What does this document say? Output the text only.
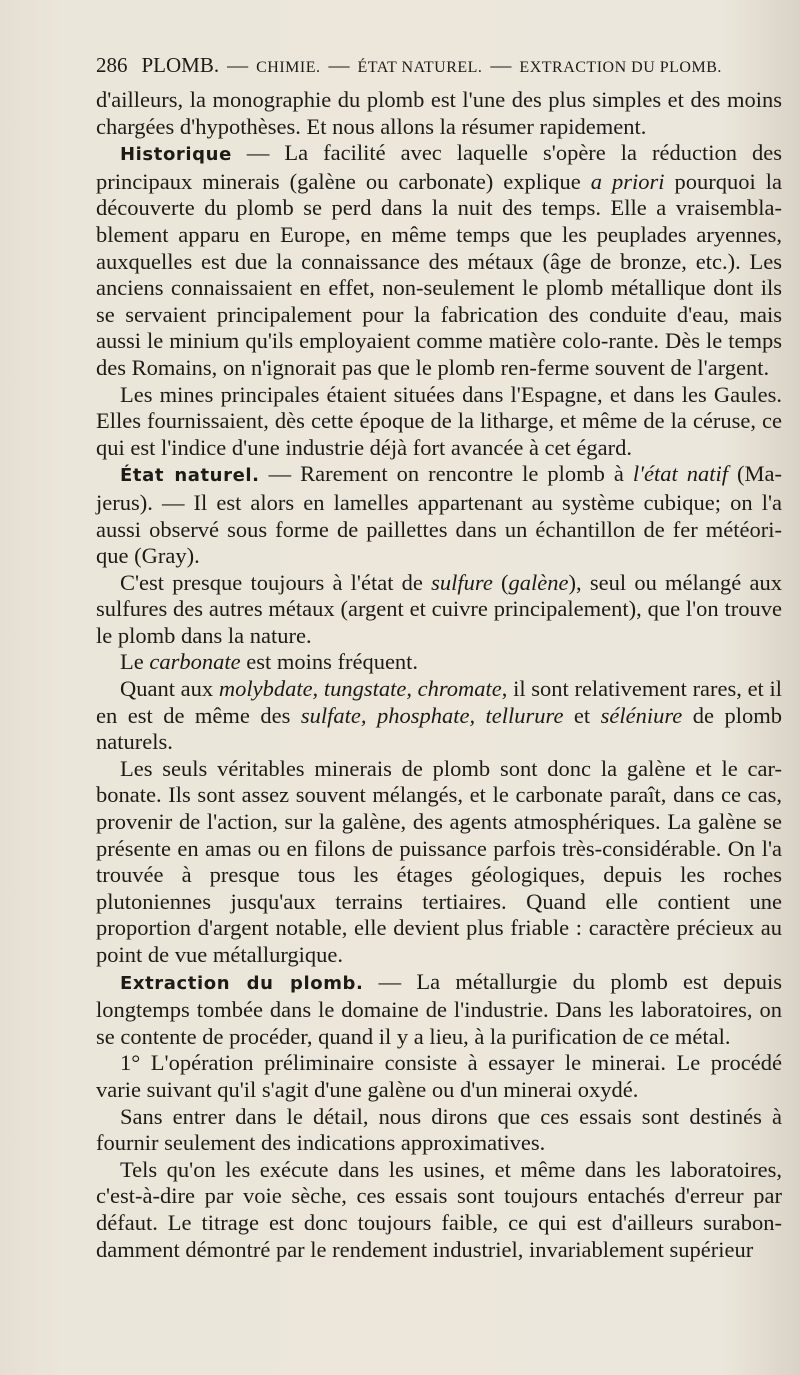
286 PLOMB. — CHIMIE. — ÉTAT NATUREL. — EXTRACTION DU PLOMB.

d'ailleurs, la monographie du plomb est l'une des plus simples et des moins chargées d'hypothèses. Et nous allons la résumer rapidement.

Historique — La facilité avec laquelle s'opère la réduction des principaux minerais (galène ou carbonate) explique a priori pourquoi la découverte du plomb se perd dans la nuit des temps. Elle a vraisembla-blement apparu en Europe, en même temps que les peuplades aryennes, auxquelles est due la connaissance des métaux (âge de bronze, etc.). Les anciens connaissaient en effet, non-seulement le plomb métallique dont ils se servaient principalement pour la fabrication des conduite d'eau, mais aussi le minium qu'ils employaient comme matière colo-rante. Dès le temps des Romains, on n'ignorait pas que le plomb ren-ferme souvent de l'argent.

Les mines principales étaient situées dans l'Espagne, et dans les Gaules. Elles fournissaient, dès cette époque de la litharge, et même de la céruse, ce qui est l'indice d'une industrie déjà fort avancée à cet égard.

État naturel. — Rarement on rencontre le plomb à l'état natif (Ma-jerus). — Il est alors en lamelles appartenant au système cubique; on l'a aussi observé sous forme de paillettes dans un échantillon de fer météori-que (Gray).

C'est presque toujours à l'état de sulfure (galène), seul ou mélangé aux sulfures des autres métaux (argent et cuivre principalement), que l'on trouve le plomb dans la nature.

Le carbonate est moins fréquent.

Quant aux molybdate, tungstate, chromate, il sont relativement rares, et il en est de même des sulfate, phosphate, tellurure et séléniure de plomb naturels.

Les seuls véritables minerais de plomb sont donc la galène et le car-bonate. Ils sont assez souvent mélangés, et le carbonate paraît, dans ce cas, provenir de l'action, sur la galène, des agents atmosphériques. La galène se présente en amas ou en filons de puissance parfois très-considérable. On l'a trouvée à presque tous les étages géologiques, depuis les roches plutoniennes jusqu'aux terrains tertiaires. Quand elle contient une proportion d'argent notable, elle devient plus friable : caractère précieux au point de vue métallurgique.

Extraction du plomb. — La métallurgie du plomb est depuis longtemps tombée dans le domaine de l'industrie. Dans les laboratoires, on se contente de procéder, quand il y a lieu, à la purification de ce métal.

1° L'opération préliminaire consiste à essayer le minerai. Le procédé varie suivant qu'il s'agit d'une galène ou d'un minerai oxydé.

Sans entrer dans le détail, nous dirons que ces essais sont destinés à fournir seulement des indications approximatives.

Tels qu'on les exécute dans les usines, et même dans les laboratoires, c'est-à-dire par voie sèche, ces essais sont toujours entachés d'erreur par défaut. Le titrage est donc toujours faible, ce qui est d'ailleurs surabon-damment démontré par le rendement industriel, invariablement supérieur
